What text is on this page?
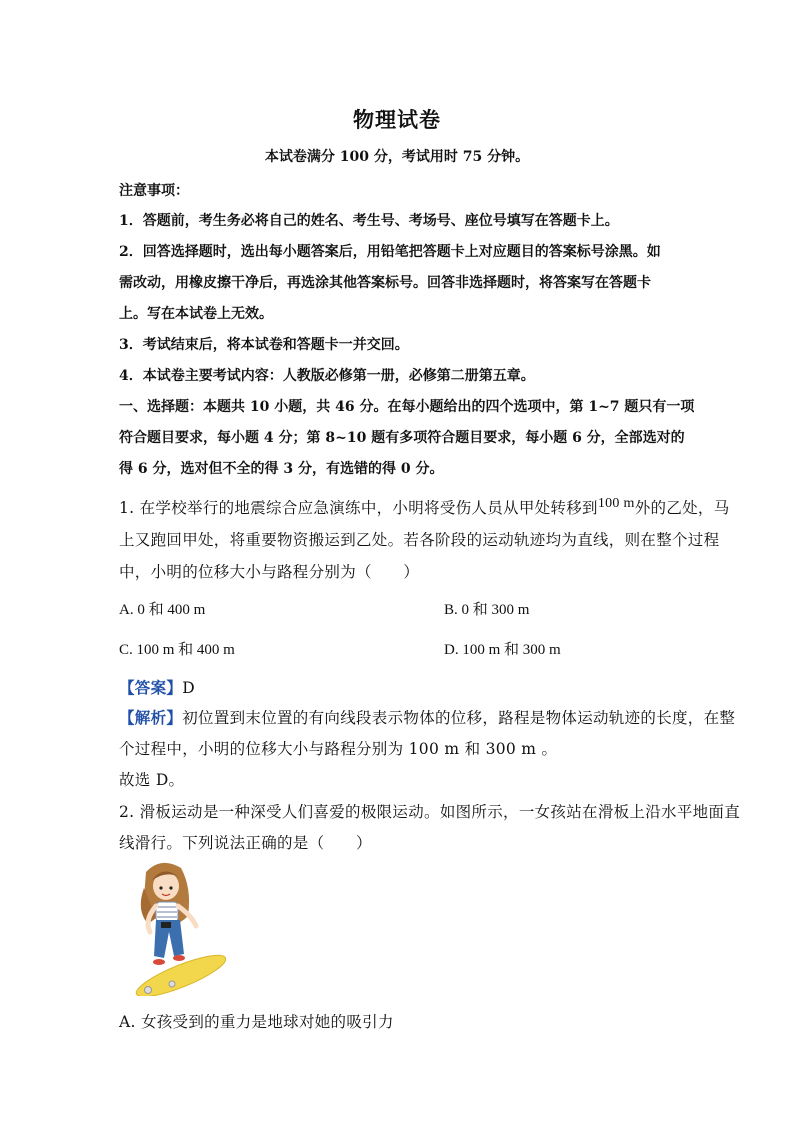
物理试卷
本试卷满分 100 分，考试用时 75 分钟。
注意事项：
1．答题前，考生务必将自己的姓名、考生号、考场号、座位号填写在答题卡上。
2．回答选择题时，选出每小题答案后，用铅笔把答题卡上对应题目的答案标号涂黑。如
需改动，用橡皮擦干净后，再选涂其他答案标号。回答非选择题时，将答案写在答题卡
上。写在本试卷上无效。
3．考试结束后，将本试卷和答题卡一并交回。
4．本试卷主要考试内容：人教版必修第一册，必修第二册第五章。
一、选择题：本题共 10 小题，共 46 分。在每小题给出的四个选项中，第 1~7 题只有一项
符合题目要求，每小题 4 分；第 8~10 题有多项符合题目要求，每小题 6 分，全部选对的
得 6 分，选对但不全的得 3 分，有选错的得 0 分。
1. 在学校举行的地震综合应急演练中，小明将受伤人员从甲处转移到100 m外的乙处，马
上又跑回甲处，将重要物资搬运到乙处。若各阶段的运动轨迹均为直线，则在整个过程
中，小明的位移大小与路程分别为（　　）
A. 0 和 400 m	B. 0 和 300 m
C. 100 m 和 400 m	D. 100 m 和 300 m
【答案】D
【解析】初位置到末位置的有向线段表示物体的位移，路程是物体运动轨迹的长度，在整
个过程中，小明的位移大小与路程分别为 100 m 和 300 m 。
故选 D。
2. 滑板运动是一种深受人们喜爱的极限运动。如图所示，一女孩站在滑板上沿水平地面直
线滑行。下列说法正确的是（　　）
A. 女孩受到的重力是地球对她的吸引力
